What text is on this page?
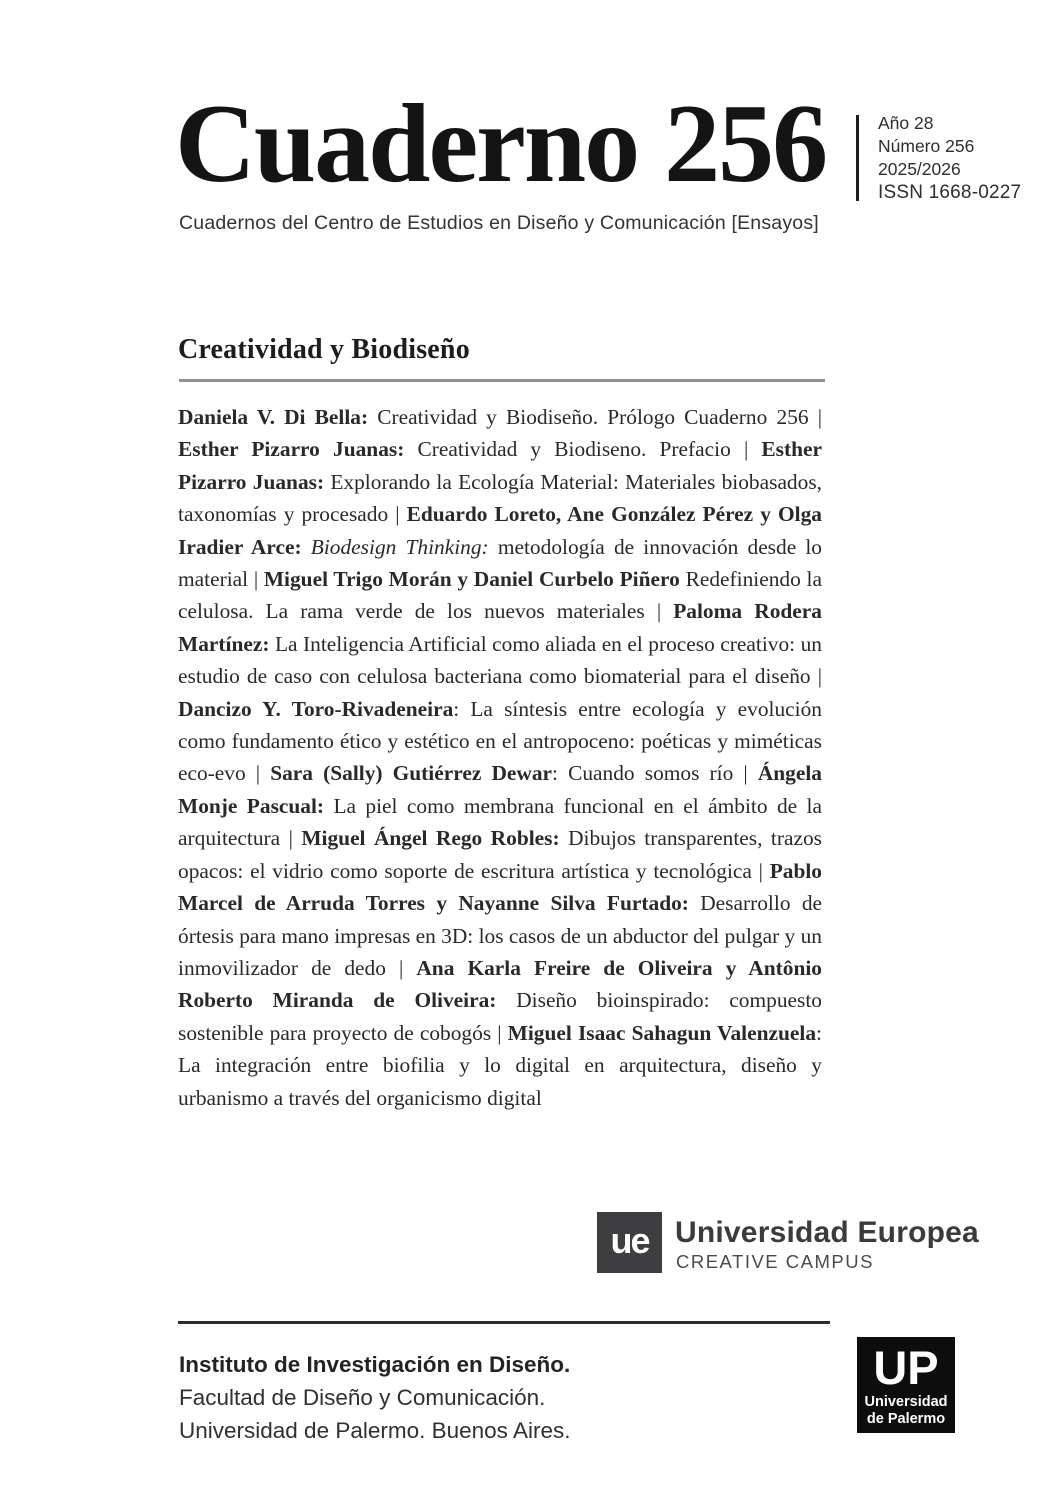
Cuaderno 256	Año 28
Número 256
2025/2026
ISSN 1668-0227
Cuadernos del Centro de Estudios en Diseño y Comunicación [Ensayos]
Creatividad y Biodiseño
Daniela V. Di Bella: Creatividad y Biodiseño. Prólogo Cuaderno 256 | Esther Pizarro Juanas: Creatividad y Biodiseno. Prefacio | Esther Pizarro Juanas: Explorando la Ecología Material: Materiales biobasados, taxonomías y procesado | Eduardo Loreto, Ane González Pérez y Olga Iradier Arce: Biodesign Thinking: metodología de innovación desde lo material | Miguel Trigo Morán y Daniel Curbelo Piñero Redefiniendo la celulosa. La rama verde de los nuevos materiales | Paloma Rodera Martínez: La Inteligencia Artificial como aliada en el proceso creativo: un estudio de caso con celulosa bacteriana como biomaterial para el diseño | Dancizo Y. Toro-Rivadeneira: La síntesis entre ecología y evolución como fundamento ético y estético en el antropoceno: poéticas y miméticas eco-evo | Sara (Sally) Gutiérrez Dewar: Cuando somos río | Ángela Monje Pascual: La piel como membrana funcional en el ámbito de la arquitectura | Miguel Ángel Rego Robles: Dibujos transparentes, trazos opacos: el vidrio como soporte de escritura artística y tecnológica | Pablo Marcel de Arruda Torres y Nayanne Silva Furtado: Desarrollo de órtesis para mano impresas en 3D: los casos de un abductor del pulgar y un inmovilizador de dedo | Ana Karla Freire de Oliveira y Antônio Roberto Miranda de Oliveira: Diseño bioinspirado: compuesto sostenible para proyecto de cobogós | Miguel Isaac Sahagun Valenzuela: La integración entre biofilia y lo digital en arquitectura, diseño y urbanismo a través del organicismo digital
ue Universidad Europea
CREATIVE CAMPUS
Instituto de Investigación en Diseño.
Facultad de Diseño y Comunicación.
Universidad de Palermo. Buenos Aires.
UP
Universidad
de Palermo
